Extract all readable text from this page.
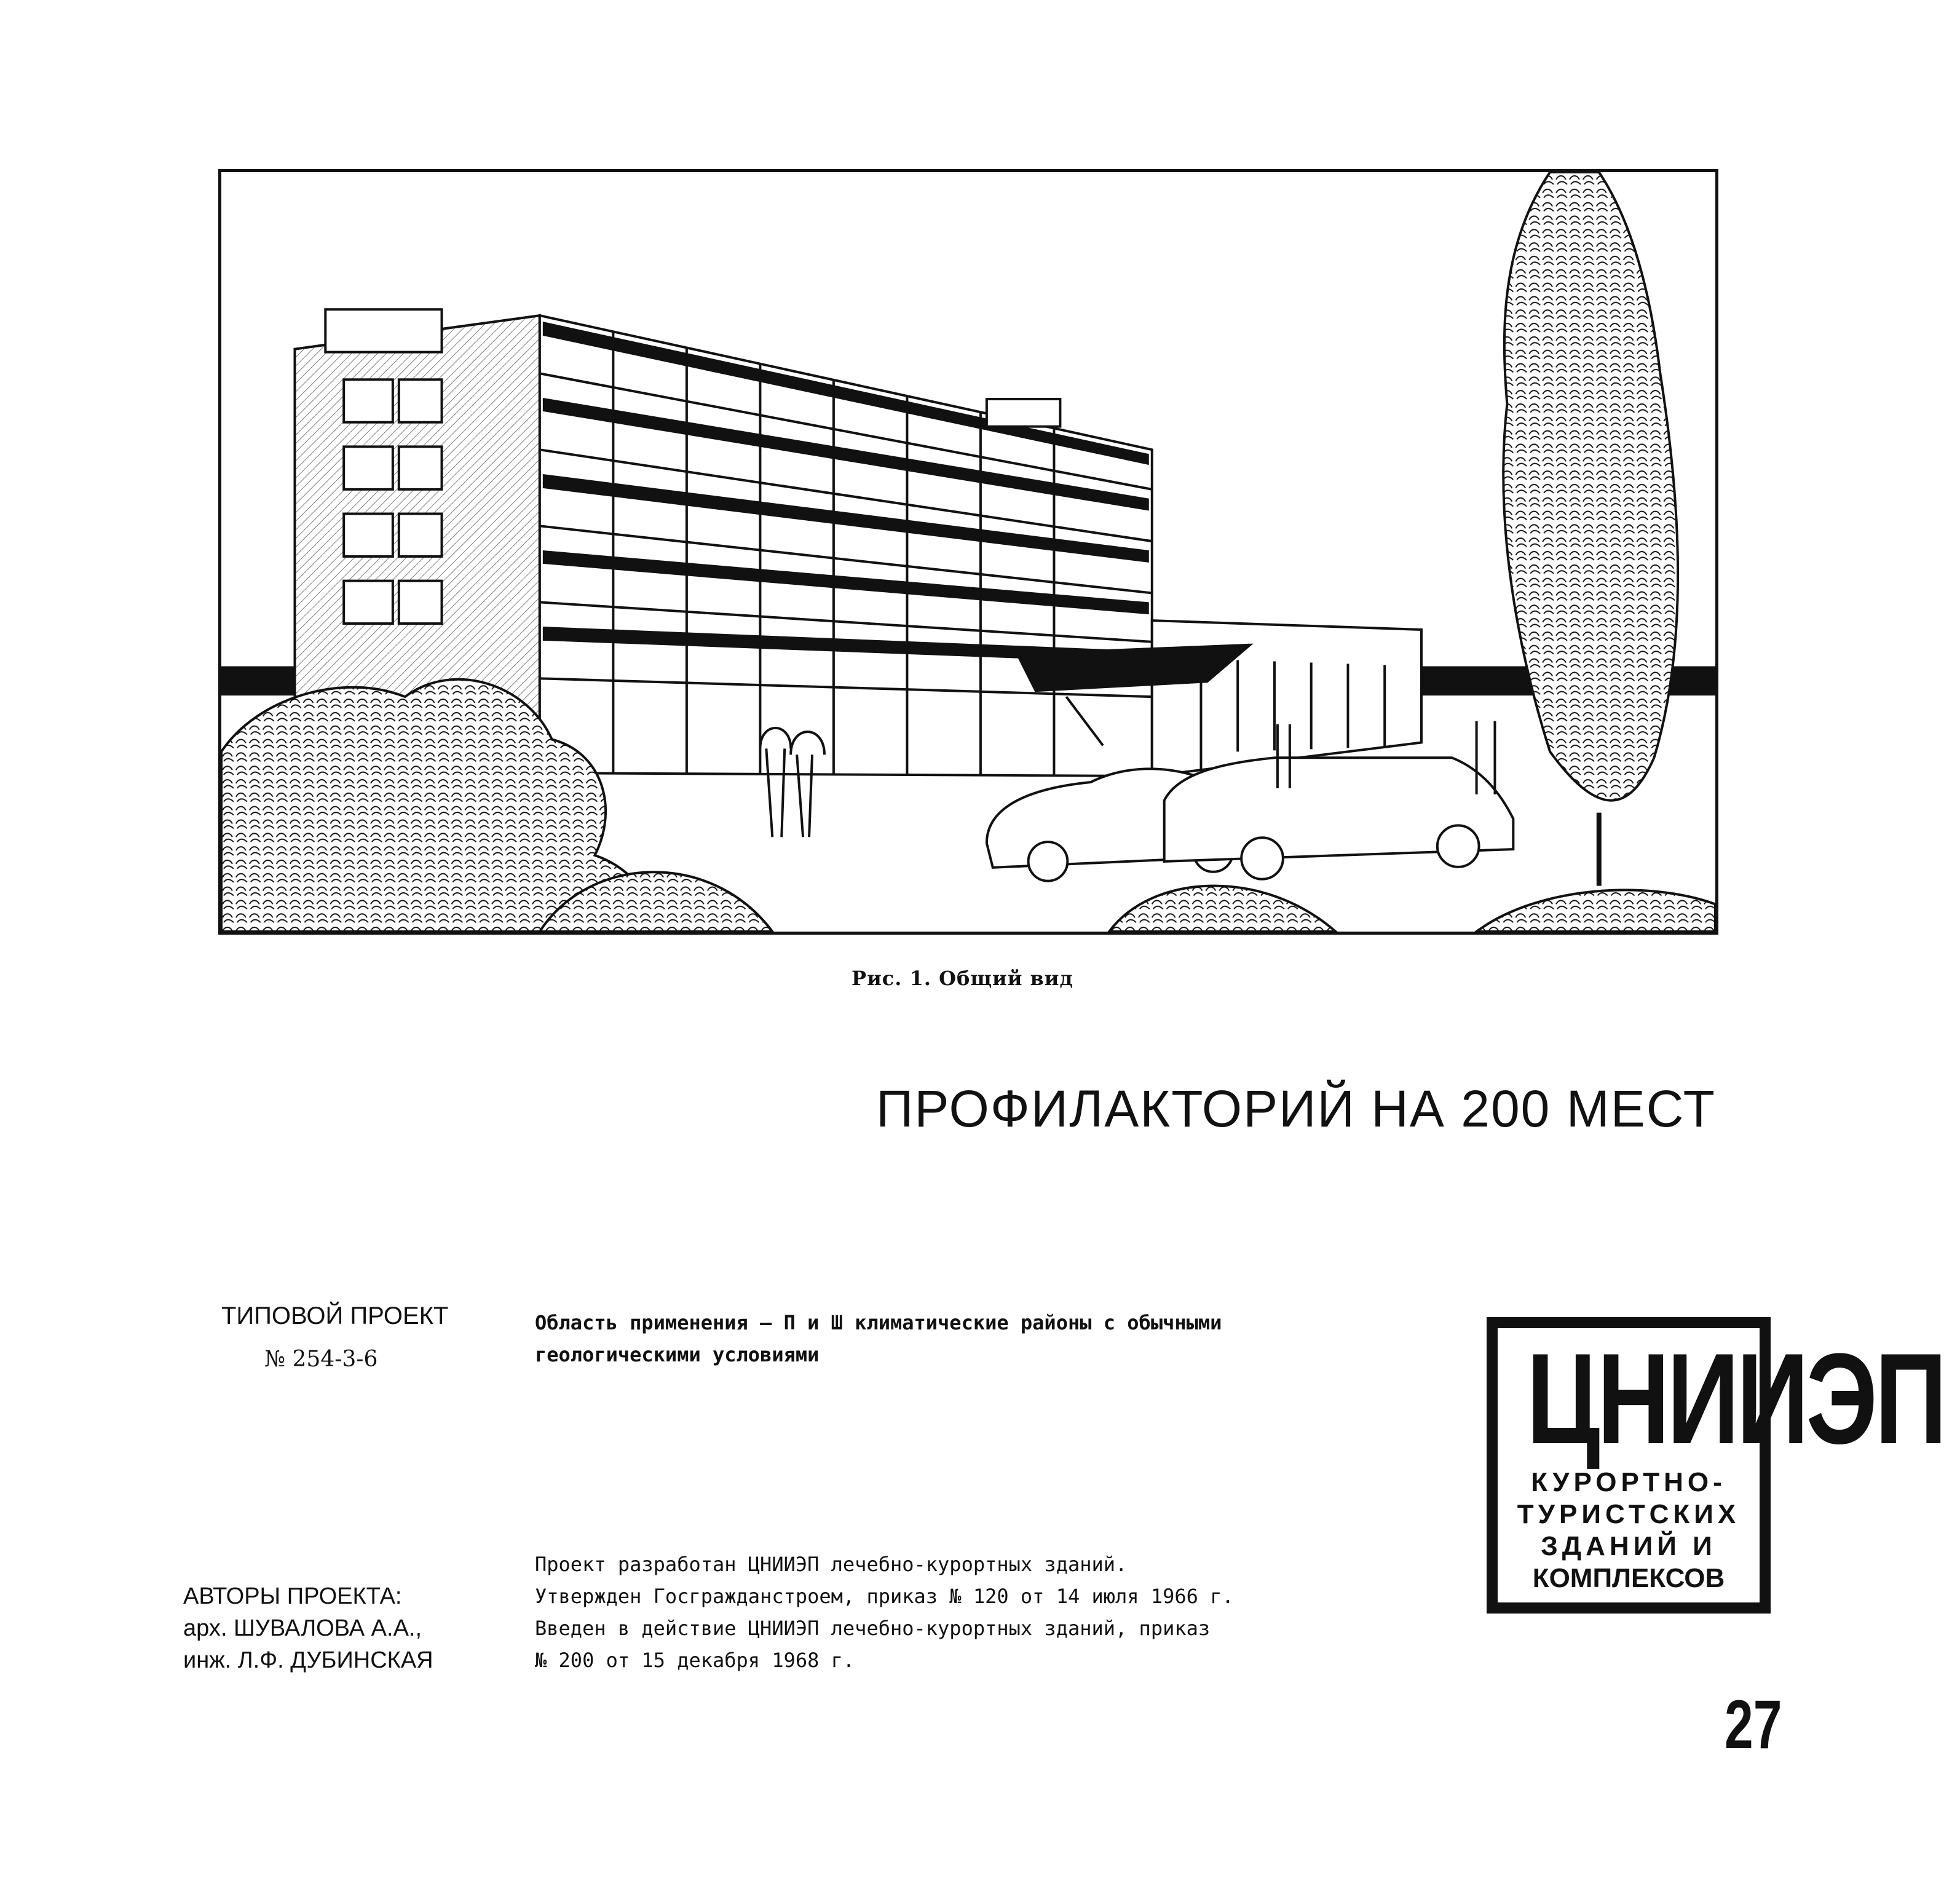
Рис. 1. Общий вид
ПРОФИЛАКТОРИЙ НА 200 МЕСТ
ТИПОВОЙ ПРОЕКТ
№ 254-3-6
Область применения – П и Ш климатические районы с обычными
геологическими условиями
АВТОРЫ ПРОЕКТА:
арх. ШУВАЛОВА А.А.,
инж. Л.Ф. ДУБИНСКАЯ
Проект разработан ЦНИИЭП лечебно-курортных зданий.
Утвержден Госгражданстроем, приказ № 120 от 14 июля 1966 г.
Введен в действие ЦНИИЭП лечебно-курортных зданий, приказ
№ 200 от 15 декабря 1968 г.
ЦНИИЭП
КУРОРТНО-
ТУРИСТСКИХ
ЗДАНИЙ И
КОМПЛЕКСОВ
27
